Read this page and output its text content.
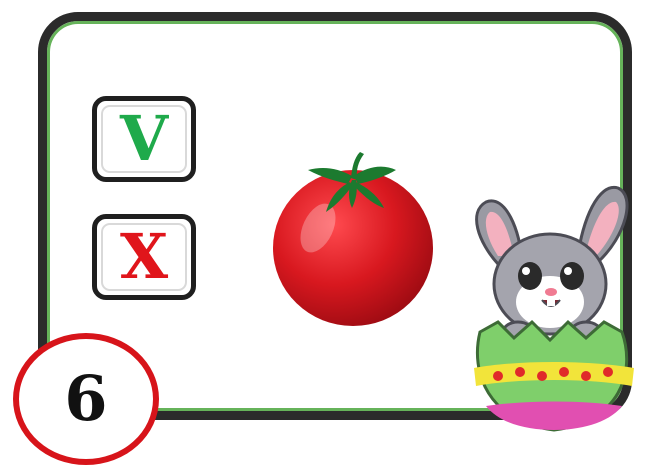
V
X
6
